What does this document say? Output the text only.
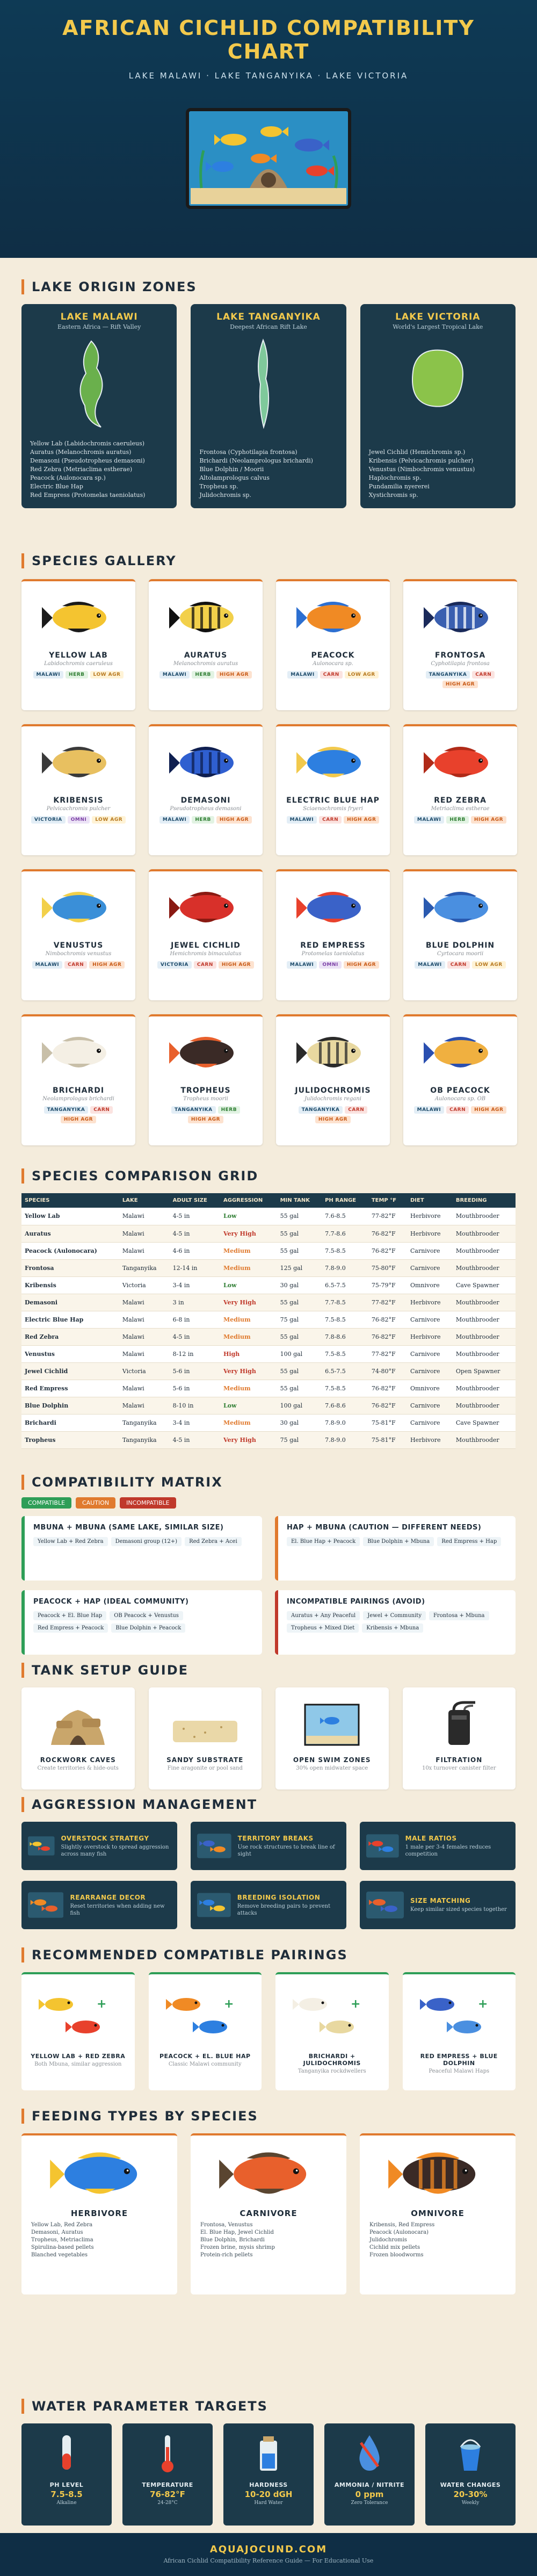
AFRICAN CICHLID COMPATIBILITY
CHART
LAKE MALAWI · LAKE TANGANYIKA · LAKE VICTORIA
LAKE ORIGIN ZONES
LAKE MALAWI
Eastern Africa — Rift Valley
Yellow Lab (Labidochromis caeruleus)
Auratus (Melanochromis auratus)
Demasoni (Pseudotropheus demasoni)
Red Zebra (Metriaclima estherae)
Peacock (Aulonocara sp.)
Electric Blue Hap
Red Empress (Protomelas taeniolatus)
LAKE TANGANYIKA
Deepest African Rift Lake
Frontosa (Cyphotilapia frontosa)
Brichardi (Neolamprologus brichardi)
Blue Dolphin / Moorii
Altolamprologus calvus
Tropheus sp.
Julidochromis sp.
LAKE VICTORIA
World's Largest Tropical Lake
Jewel Cichlid (Hemichromis sp.)
Kribensis (Pelvicachromis pulcher)
Venustus (Nimbochromis venustus)
Haplochromis sp.
Pundamilia nyererei
Xystichromis sp.
SPECIES GALLERY
YELLOW LAB
Labidochromis caeruleus
MALAWI	HERB	LOW AGR
AURATUS
Melanochromis auratus
MALAWI	HERB	HIGH AGR
PEACOCK
Aulonocara sp.
MALAWI	CARN	LOW AGR
FRONTOSA
Cyphotilapia frontosa
TANGANYIKA	CARN
HIGH AGR
KRIBENSIS
Pelvicachromis pulcher
VICTORIA	OMNI	LOW AGR
DEMASONI
Pseudotropheus demasoni
MALAWI	HERB	HIGH AGR
ELECTRIC BLUE HAP
Sciaenochromis fryeri
MALAWI	CARN	HIGH AGR
RED ZEBRA
Metriaclima estherae
MALAWI	HERB	HIGH AGR
VENUSTUS
Nimbochromis venustus
MALAWI	CARN	HIGH AGR
JEWEL CICHLID
Hemichromis bimaculatus
VICTORIA	CARN	HIGH AGR
RED EMPRESS
Protomelas taeniolatus
MALAWI	OMNI	HIGH AGR
BLUE DOLPHIN
Cyrtocara moorii
MALAWI	CARN	LOW AGR
BRICHARDI
Neolamprologus brichardi
TANGANYIKA	CARN
HIGH AGR
TROPHEUS
Tropheus moorii
TANGANYIKA	HERB
HIGH AGR
JULIDOCHROMIS
Julidochromis regani
TANGANYIKA	CARN
HIGH AGR
OB PEACOCK
Aulonocara sp. OB
MALAWI	CARN	HIGH AGR
SPECIES COMPARISON GRID
SPECIES	LAKE	ADULT SIZE	AGGRESSION	MIN TANK	PH RANGE	TEMP °F	DIET	BREEDING
Yellow Lab	Malawi	4-5 in	Low	55 gal	7.6-8.5	77-82°F	Herbivore	Mouthbrooder
Auratus	Malawi	4-5 in	Very High	55 gal	7.7-8.6	76-82°F	Herbivore	Mouthbrooder
Peacock (Aulonocara)	Malawi	4-6 in	Medium	55 gal	7.5-8.5	76-82°F	Carnivore	Mouthbrooder
Frontosa	Tanganyika	12-14 in	Medium	125 gal	7.8-9.0	75-80°F	Carnivore	Mouthbrooder
Kribensis	Victoria	3-4 in	Low	30 gal	6.5-7.5	75-79°F	Omnivore	Cave Spawner
Demasoni	Malawi	3 in	Very High	55 gal	7.7-8.5	77-82°F	Herbivore	Mouthbrooder
Electric Blue Hap	Malawi	6-8 in	Medium	75 gal	7.5-8.5	76-82°F	Carnivore	Mouthbrooder
Red Zebra	Malawi	4-5 in	Medium	55 gal	7.8-8.6	76-82°F	Herbivore	Mouthbrooder
Venustus	Malawi	8-12 in	High	100 gal	7.5-8.5	77-82°F	Carnivore	Mouthbrooder
Jewel Cichlid	Victoria	5-6 in	Very High	55 gal	6.5-7.5	74-80°F	Carnivore	Open Spawner
Red Empress	Malawi	5-6 in	Medium	55 gal	7.5-8.5	76-82°F	Omnivore	Mouthbrooder
Blue Dolphin	Malawi	8-10 in	Low	100 gal	7.6-8.6	76-82°F	Carnivore	Mouthbrooder
Brichardi	Tanganyika	3-4 in	Medium	30 gal	7.8-9.0	75-81°F	Carnivore	Cave Spawner
Tropheus	Tanganyika	4-5 in	Very High	75 gal	7.8-9.0	75-81°F	Herbivore	Mouthbrooder
COMPATIBILITY MATRIX
COMPATIBLE	CAUTION	INCOMPATIBLE
MBUNA + MBUNA (SAME LAKE, SIMILAR SIZE)
Yellow Lab + Red Zebra	Demasoni group (12+)	Red Zebra + Acei
HAP + MBUNA (CAUTION — DIFFERENT NEEDS)
El. Blue Hap + Peacock	Blue Dolphin + Mbuna	Red Empress + Hap
PEACOCK + HAP (IDEAL COMMUNITY)
Peacock + El. Blue Hap	OB Peacock + Venustus
Red Empress + Peacock	Blue Dolphin + Peacock
INCOMPATIBLE PAIRINGS (AVOID)
Auratus + Any Peaceful	Jewel + Community	Frontosa + Mbuna
Tropheus + Mixed Diet	Kribensis + Mbuna
TANK SETUP GUIDE
ROCKWORK CAVES
Create territories & hide-outs
SANDY SUBSTRATE
Fine aragonite or pool sand
OPEN SWIM ZONES
30% open midwater space
FILTRATION
10x turnover canister filter
AGGRESSION MANAGEMENT
OVERSTOCK STRATEGY
Slightly overstock to spread aggression across many fish
TERRITORY BREAKS
Use rock structures to break line of sight
MALE RATIOS
1 male per 3-4 females reduces competition
REARRANGE DECOR
Reset territories when adding new fish
BREEDING ISOLATION
Remove breeding pairs to prevent attacks
SIZE MATCHING
Keep similar sized species together
RECOMMENDED COMPATIBLE PAIRINGS
+
YELLOW LAB + RED ZEBRA
Both Mbuna, similar aggression
+
PEACOCK + EL. BLUE HAP
Classic Malawi community
+
BRICHARDI + JULIDOCHROMIS
Tanganyika rockdwellers
+
RED EMPRESS + BLUE DOLPHIN
Peaceful Malawi Haps
FEEDING TYPES BY SPECIES
HERBIVORE
Yellow Lab, Red Zebra
Demasoni, Auratus
Tropheus, Metriaclima
Spirulina-based pellets
Blanched vegetables
CARNIVORE
Frontosa, Venustus
El. Blue Hap, Jewel Cichlid
Blue Dolphin, Brichardi
Frozen brine, mysis shrimp
Protein-rich pellets
OMNIVORE
Kribensis, Red Empress
Peacock (Aulonocara)
Julidochromis
Cichlid mix pellets
Frozen bloodworms
WATER PARAMETER TARGETS
PH LEVEL
7.5-8.5
Alkaline
TEMPERATURE
76-82°F
24-28°C
HARDNESS
10-20 dGH
Hard Water
AMMONIA / NITRITE
0 ppm
Zero Tolerance
WATER CHANGES
20-30%
Weekly
AQUAJOCUND.COM
African Cichlid Compatibility Reference Guide — For Educational Use
